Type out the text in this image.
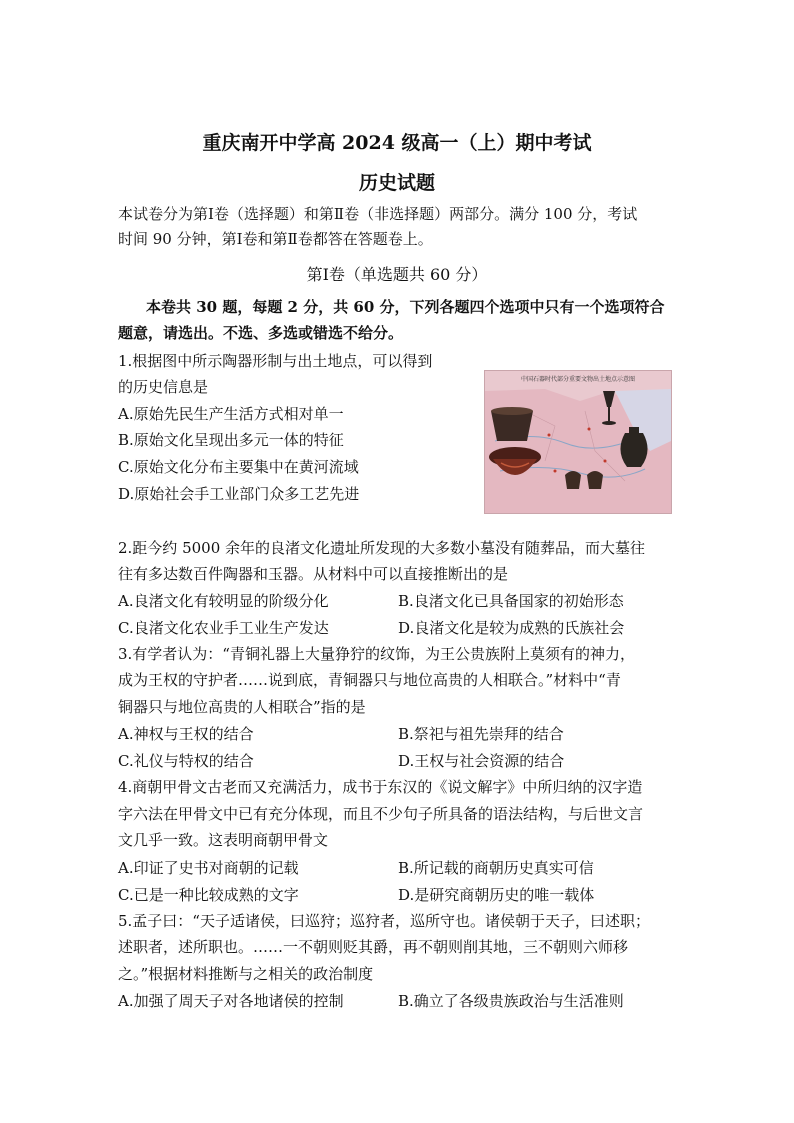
重庆南开中学高 2024 级高一（上）期中考试
历史试题
本试卷分为第Ⅰ卷（选择题）和第Ⅱ卷（非选择题）两部分。满分 100 分，考试
时间 90 分钟，第Ⅰ卷和第Ⅱ卷都答在答题卷上。
第Ⅰ卷（单选题共 60 分）
本卷共 30 题，每题 2 分，共 60 分，下列各题四个选项中只有一个选项符合
题意，请选出。不选、多选或错选不给分。
1.根据图中所示陶器形制与出土地点，可以得到
的历史信息是
A.原始先民生产生活方式相对单一
B.原始文化呈现出多元一体的特征
C.原始文化分布主要集中在黄河流域
D.原始社会手工业部门众多工艺先进
中国石器时代部分重要文物出土地点示意图
2.距今约 5000 余年的良渚文化遗址所发现的大多数小墓没有随葬品，而大墓往
往有多达数百件陶器和玉器。从材料中可以直接推断出的是
A.良渚文化有较明显的阶级分化	B.良渚文化已具备国家的初始形态
C.良渚文化农业手工业生产发达	D.良渚文化是较为成熟的氏族社会
3.有学者认为：“青铜礼器上大量狰狞的纹饰，为王公贵族附上莫须有的神力，
成为王权的守护者……说到底，青铜器只与地位高贵的人相联合。”材料中“青
铜器只与地位高贵的人相联合”指的是
A.神权与王权的结合	B.祭祀与祖先崇拜的结合
C.礼仪与特权的结合	D.王权与社会资源的结合
4.商朝甲骨文古老而又充满活力，成书于东汉的《说文解字》中所归纳的汉字造
字六法在甲骨文中已有充分体现，而且不少句子所具备的语法结构，与后世文言
文几乎一致。这表明商朝甲骨文
A.印证了史书对商朝的记载	B.所记载的商朝历史真实可信
C.已是一种比较成熟的文字	D.是研究商朝历史的唯一载体
5.孟子曰：“天子适诸侯，曰巡狩；巡狩者，巡所守也。诸侯朝于天子，曰述职；
述职者，述所职也。……一不朝则贬其爵，再不朝则削其地，三不朝则六师移
之。”根据材料推断与之相关的政治制度
A.加强了周天子对各地诸侯的控制	B.确立了各级贵族政治与生活准则
